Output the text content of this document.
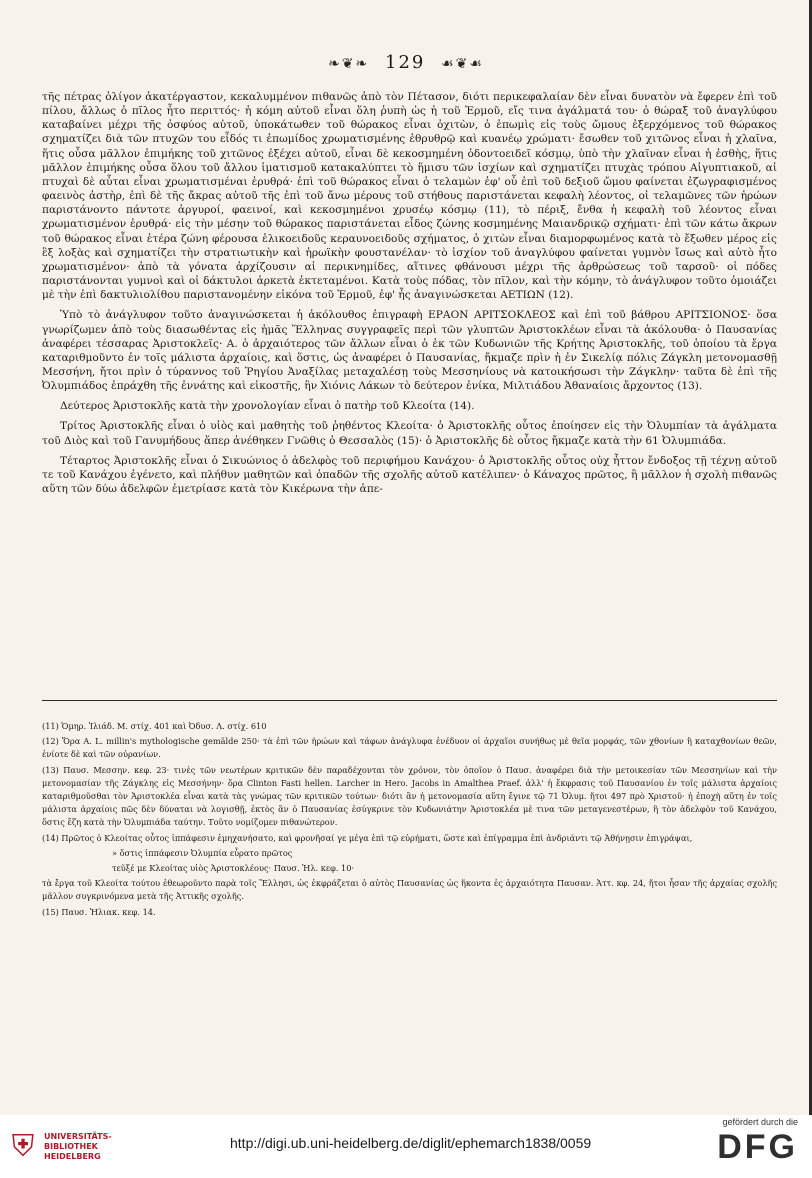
❧❦❧ 129 ☙❦☙

τῆς πέτρας ὀλίγον ἀκατέργαστον, κεκαλυμμένον πιθανῶς ἀπὸ τὸν Πέτασον, διότι περικεφαλαίαν δὲν εἶναι δυνατὸν νὰ ἔφερεν ἐπὶ τοῦ πίλου, ἄλλως ὁ πῖλος ἦτο περιττός· ἡ κόμη αὐτοῦ εἶναι ὅλη ῥυπὴ ὡς ἡ τοῦ Ἑρμοῦ, εἴς τινα ἀγάλματά του· ὁ θώραξ τοῦ ἀναγλύφου καταβαίνει μέχρι τῆς ὀσφύος αὐτοῦ, ὑποκάτωθεν τοῦ θώρακος εἶναι ὀχιτὼν, ὁ ἐπωμὶς εἰς τοὺς ὤμους ἐξερχόμενος τοῦ θώρακος σχηματίζει διὰ τῶν πτυχῶν του εἶδός τι ἐπωμίδος χρωματισμένης ἐθρυθρῷ καὶ κυανέῳ χρώματι· ἔσωθεν τοῦ χιτῶνος εἶναι ἡ χλαῖνα, ἥτις οὖσα μᾶλλον ἐπιμήκης τοῦ χιτῶνος ἐξέχει αὐτοῦ, εἶναι δὲ κεκοσμημένη ὀδοντοειδεῖ κόσμῳ, ὑπὸ τὴν χλαῖναν εἶναι ἡ ἐσθὴς, ἥτις μᾶλλον ἐπιμήκης οὖσα ὅλου τοῦ ἄλλου ἱματισμοῦ κατακαλύπτει τὸ ἥμισυ τῶν ἰσχίων καὶ σχηματίζει πτυχὰς τρόπου Αἰγυπτιακοῦ, αἱ πτυχαὶ δὲ αὗται εἶναι χρωματισμέναι ἐρυθρά· ἐπὶ τοῦ θώρακος εἶναι ὁ τελαμὼν ἐφ' οὗ ἐπὶ τοῦ δεξιοῦ ὤμου φαίνεται ἐζωγραφισμένος φαεινὸς ἀστὴρ, ἐπὶ δὲ τῆς ἄκρας αὐτοῦ τῆς ἐπὶ τοῦ ἄνω μέρους τοῦ στήθους παριστάνεται κεφαλὴ λέοντος, οἱ τελαμῶνες τῶν ἡρώων παριστάνοντο πάντοτε ἀργυροί, φαεινοί, καὶ κεκοσμημένοι χρυσέῳ κόσμῳ (11), τὸ πέριξ, ἔνθα ἡ κεφαλὴ τοῦ λέοντος εἶναι χρωματισμένον ἐρυθρά· εἰς τὴν μέσην τοῦ θώρακος παριστάνεται εἶδος ζώνης κοσμημένης Μαιανδρικῷ σχήματι· ἐπὶ τῶν κάτω ἄκρων τοῦ θώρακος εἶναι ἑτέρα ζώνη φέρουσα ἑλικοειδοῦς κεραυνοειδοῦς σχήματος, ὁ χιτὼν εἶναι διαμορφωμένος κατὰ τὸ ἔξωθεν μέρος εἰς ἓξ λοξὰς καὶ σχηματίζει τὴν στρατιωτικὴν καὶ ἡρωϊκὴν φουστανέλαν· τὸ ἰσχίον τοῦ ἀναγλύφου φαίνεται γυμνὸν ἴσως καὶ αὐτὸ ἦτο χρωματισμένον· ἀπὸ τὰ γόνατα ἀρχίζουσιν αἱ περικνημίδες, αἵτινες φθάνουσι μέχρι τῆς ἀρθρώσεως τοῦ ταρσοῦ· οἱ πόδες παριστάνονται γυμνοὶ καὶ οἱ δάκτυλοι ἀρκετὰ ἐκτεταμένοι. Κατὰ τοὺς πόδας, τὸν πῖλον, καὶ τὴν κόμην, τὸ ἀνάγλυφον τοῦτο ὁμοιάζει μὲ τὴν ἐπὶ δακτυλιολίθου παριστανομένην εἰκόνα τοῦ Ἑρμοῦ, ἐφ' ἧς ἀναγινώσκεται ΑΕΤΙΩΝ (12).

Ὑπὸ τὸ ἀνάγλυφον τοῦτο ἀναγινώσκεται ἡ ἀκόλουθος ἐπιγραφὴ ΕΡΑΟΝ ΑΡΙΤΣΟΚΛΕΟΣ καὶ ἐπὶ τοῦ βάθρου ΑΡΙΤΣΙΟΝΟΣ· ὅσα γνωρίζωμεν ἀπὸ τοὺς διασωθέντας εἰς ἡμᾶς Ἕλληνας συγγραφεῖς περὶ τῶν γλυπτῶν Ἀριστοκλέων εἶναι τὰ ἀκόλουθα· ὁ Παυσανίας ἀναφέρει τέσσαρας Ἀριστοκλεῖς· Α. ὁ ἀρχαιότερος τῶν ἄλλων εἶναι ὁ ἐκ τῶν Κυδωνιῶν τῆς Κρήτης Ἀριστοκλῆς, τοῦ ὁποίου τὰ ἔργα καταριθμοῦντο ἐν τοῖς μάλιστα ἀρχαίοις, καὶ ὅστις, ὡς ἀναφέρει ὁ Παυσανίας, ἤκμαζε πρὶν ἡ ἐν Σικελίᾳ πόλις Ζάγκλη μετονομασθῇ Μεσσήνη, ἤτοι πρὶν ὁ τύραννος τοῦ Ῥηγίου Ἀναξίλας μεταχαλέσῃ τοὺς Μεσσηνίους νὰ κατοικήσωσι τὴν Ζάγκλην· ταῦτα δὲ ἐπὶ τῆς Ὀλυμπιάδος ἐπράχθη τῆς ἐννάτης καὶ εἰκοστῆς, ἣν Χιόνις Λάκων τὸ δεύτερον ἐνίκα, Μιλτιάδου Ἀθαναίοις ἄρχοντος (13).

Δεύτερος Ἀριστοκλῆς κατὰ τὴν χρονολογίαν εἶναι ὁ πατὴρ τοῦ Κλεοίτα (14).

Τρίτος Ἀριστοκλῆς εἶναι ὁ υἱὸς καὶ μαθητὴς τοῦ ῥηθέντος Κλεοίτα· ὁ Ἀριστοκλῆς οὗτος ἐποίησεν εἰς τὴν Ὀλυμπίαν τὰ ἀγάλματα τοῦ Διὸς καὶ τοῦ Γανυμήδους ἅπερ ἀνέθηκεν Γνῶθις ὁ Θεσσαλὸς (15)· ὁ Ἀριστοκλῆς δὲ οὗτος ἤκμαζε κατὰ τὴν 61 Ὀλυμπιάδα.

Τέταρτος Ἀριστοκλῆς εἶναι ὁ Σικυώνιος ὁ ἀδελφὸς τοῦ περιφήμου Κανάχου· ὁ Ἀριστοκλῆς οὗτος οὐχ ἧττον ἔνδοξος τῇ τέχνῃ αὐτοῦ τε τοῦ Κανάχου ἐγένετο, καὶ πλήθυν μαθητῶν καὶ ὀπαδῶν τῆς σχολῆς αὐτοῦ κατέλιπεν· ὁ Κάναχος πρῶτος, ἢ μᾶλλον ἡ σχολὴ πιθανῶς αὕτη τῶν δύω ἀδελφῶν ἐμετρίασε κατὰ τὸν Κικέρωνα τὴν ἀπε-

(11) Ὁμηρ. Ἰλιάδ. Μ. στίχ. 401 καὶ Ὀδυσ. Λ. στίχ. 610

(12) Ὅρα A. L. millin's mythologische gemälde 250· τὰ ἐπὶ τῶν ἡρώων καὶ τάφων ἀνάγλυφα ἐνέδυον οἱ ἀρχαῖοι συνήθως μὲ θεῖα μορφάς, τῶν χθονίων ἢ καταχθονίων θεῶν, ἐνίοτε δὲ καὶ τῶν οὐρανίων.

(13) Παυσ. Μεσσην. κεφ. 23· τινὲς τῶν νεωτέρων κριτικῶν δὲν παραδέχονται τὸν χρόνον, τὸν ὁποῖον ὁ Παυσ. ἀναφέρει διὰ τὴν μετοικεσίαν τῶν Μεσσηνίων καὶ τὴν μετονομασίαν τῆς Ζάγκλης εἰς Μεσσήνην· ὅρα Clinton Fasti hellen. Larcher in Hero. Jacobs in Amalthea Praef. ἀλλ' ἡ ἔκφρασις τοῦ Παυσανίου ἐν τοῖς μάλιστα ἀρχαίοις καταριθμοῦσθαι τὸν Ἀριστοκλέα εἶναι κατὰ τὰς γνώμας τῶν κριτικῶν τούτων· διότι ἂν ἡ μετονομασία αὕτη ἔγινε τῷ 71 Ὀλυμ. ἤτοι 497 πρὸ Χριστοῦ· ἡ ἐποχὴ αὕτη ἐν τοῖς μάλιστα ἀρχαίοις πῶς δὲν δύναται νὰ λογισθῇ, ἐκτὸς ἂν ὁ Παυσανίας ἐσύγκρινε τὸν Κυδωνιάτην Ἀριστοκλέα μὲ τινα τῶν μεταγενεστέρων, ἢ τὸν ἀδελφὸν τοῦ Κανάχου, ὅστις ἔζη κατὰ τὴν Ὀλυμπιάδα ταύτην. Τοῦτο νομίζομεν πιθανώτερον.

(14) Πρῶτος ὁ Κλεοίτας οὗτος ἱππάφεσιν ἐμηχανήσατο, καὶ φρονῆσαί γε μέγα ἐπὶ τῷ εὑρήματι, ὥστε καὶ ἐπίγραμμα ἐπὶ ἀνδριάντι τῷ Ἀθήνῃσιν ἐπιγράψαι,

» ὅστις ἱππάφεσιν Ὀλυμπία εὗρατο πρῶτος

τεῦξέ με Κλεοίτας υἱὸς Ἀριστοκλέους· Παυσ. Ἠλ. κεφ. 10·

τὰ ἔργα τοῦ Κλεοίτα τούτου ἐθεωροῦντο παρὰ τοῖς Ἕλλησι, ὡς ἐκφράζεται ὁ αὐτὸς Παυσανίας ὡς ἥκοντα ἐς ἀρχαιότητα Παυσαν. Ἀττ. κφ. 24, ἤτοι ἦσαν τῆς ἀρχαίας σχολῆς μᾶλλον συγκρινόμενα μετὰ τῆς Ἀττικῆς σχολῆς.

(15) Παυσ. Ἠλιακ. κεφ. 14.

⛨	UNIVERSITÄTS-
BIBLIOTHEK
HEIDELBERG
http://digi.ub.uni-heidelberg.de/diglit/ephemarch1838/0059
gefördert durch die
DFG
